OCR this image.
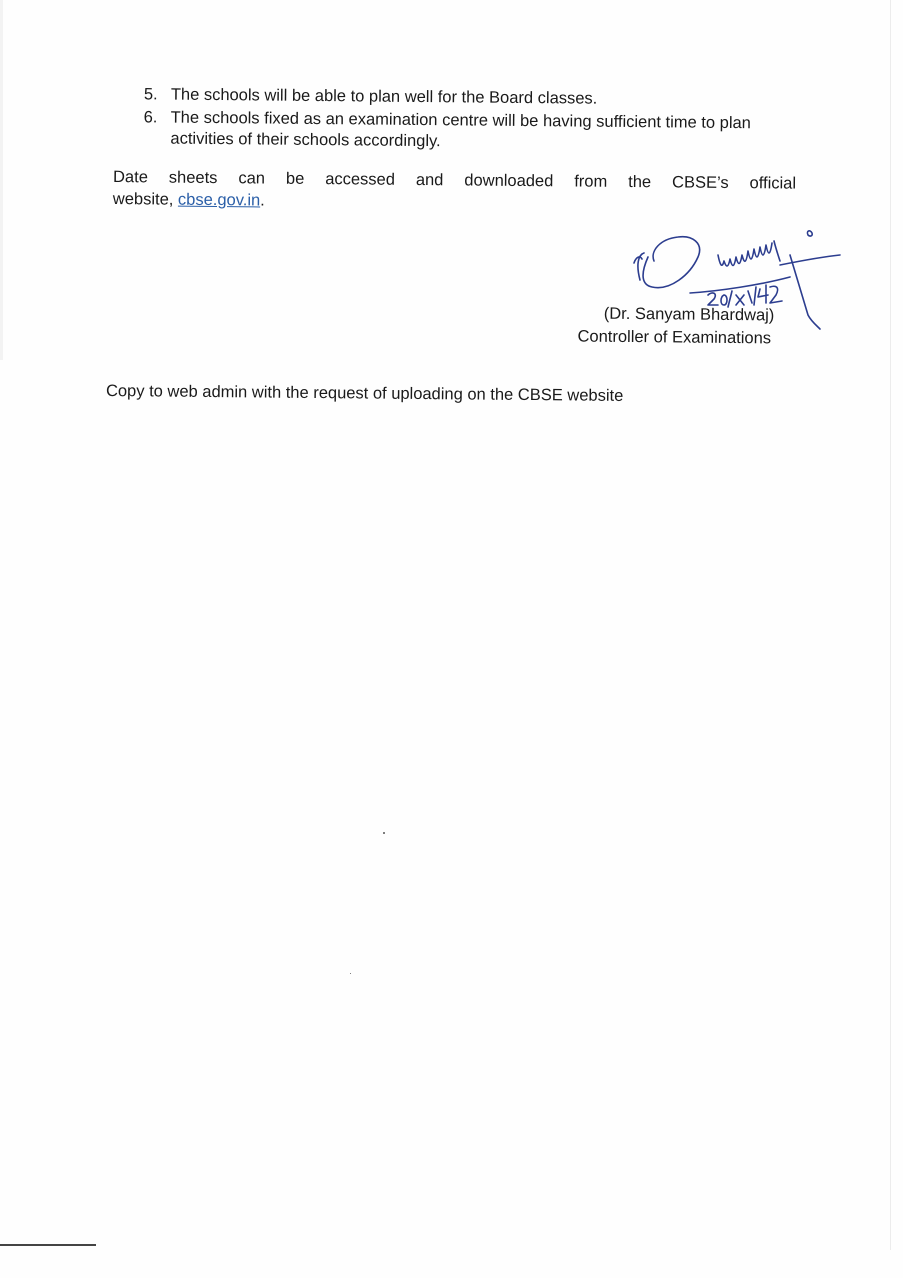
5. The schools will be able to plan well for the Board classes.
6. The schools fixed as an examination centre will be having sufficient time to plan activities of their schools accordingly.
Date sheets can be accessed and downloaded from the CBSE’s official
website, cbse.gov.in.
(Dr. Sanyam Bhardwaj)
Controller of Examinations
Copy to web admin with the request of uploading on the CBSE website
